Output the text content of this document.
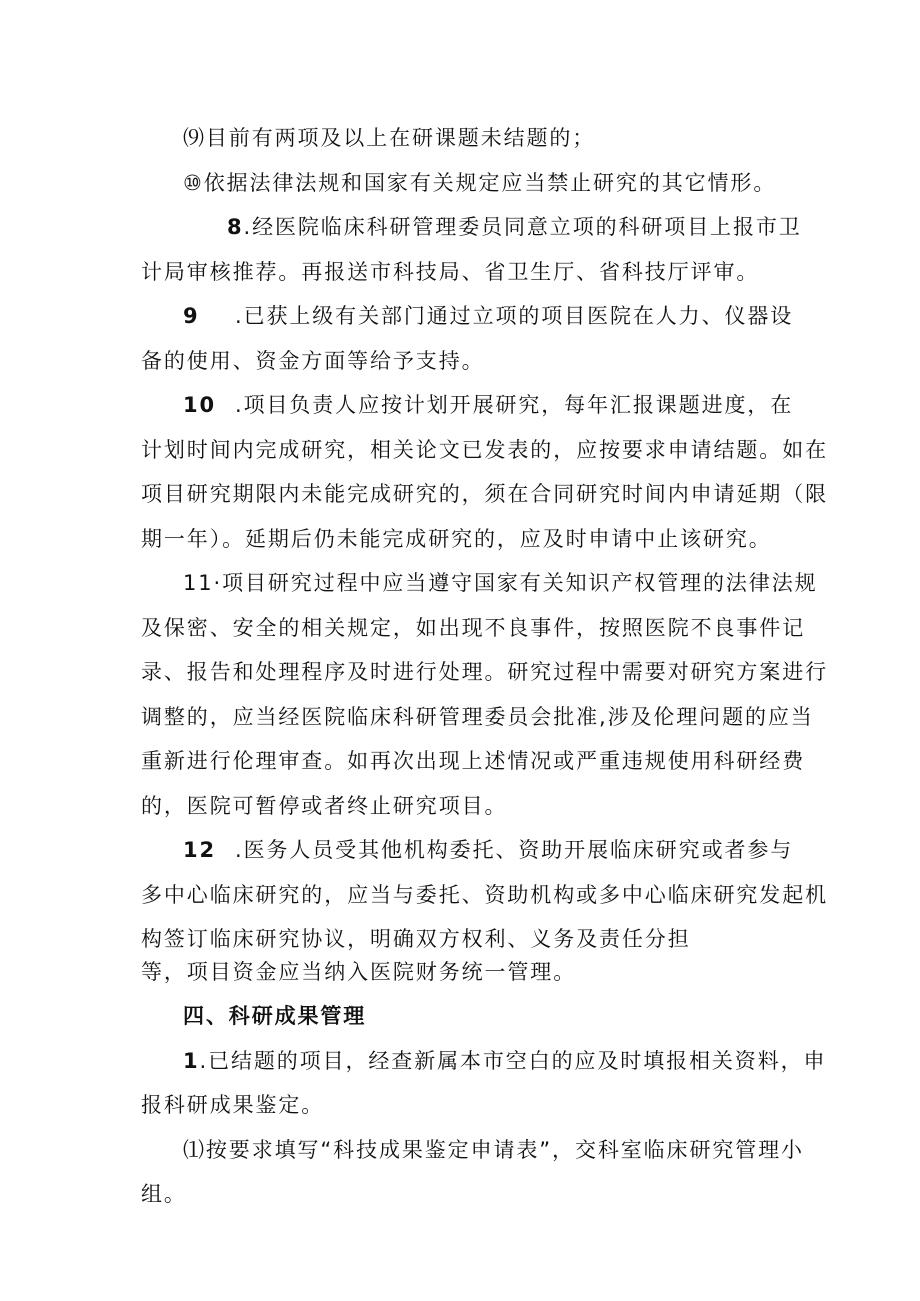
⑼目前有两项及以上在研课题未结题的；

⑩依据法律法规和国家有关规定应当禁止研究的其它情形。

8.经医院临床科研管理委员同意立项的科研项目上报市卫
计局审核推荐。再报送市科技局、省卫生厅、省科技厅评审。

9 .已获上级有关部门通过立项的项目医院在人力、仪器设
备的使用、资金方面等给予支持。

10 .项目负责人应按计划开展研究，每年汇报课题进度，在
计划时间内完成研究，相关论文已发表的，应按要求申请结题。如在
项目研究期限内未能完成研究的，须在合同研究时间内申请延期（限
期一年）。延期后仍未能完成研究的，应及时申请中止该研究。

11·项目研究过程中应当遵守国家有关知识产权管理的法律法规
及保密、安全的相关规定，如出现不良事件，按照医院不良事件记
录、报告和处理程序及时进行处理。研究过程中需要对研究方案进行
调整的，应当经医院临床科研管理委员会批准,涉及伦理问题的应当
重新进行伦理审查。如再次出现上述情况或严重违规使用科研经费
的，医院可暂停或者终止研究项目。

12 .医务人员受其他机构委托、资助开展临床研究或者参与
多中心临床研究的，应当与委托、资助机构或多中心临床研究发起机
构签订临床研究协议，明确双方权利、义务及责任分担
等，项目资金应当纳入医院财务统一管理。

四、科研成果管理

1.已结题的项目，经查新属本市空白的应及时填报相关资料，申
报科研成果鉴定。

⑴按要求填写“科技成果鉴定申请表”，交科室临床研究管理小
组。
